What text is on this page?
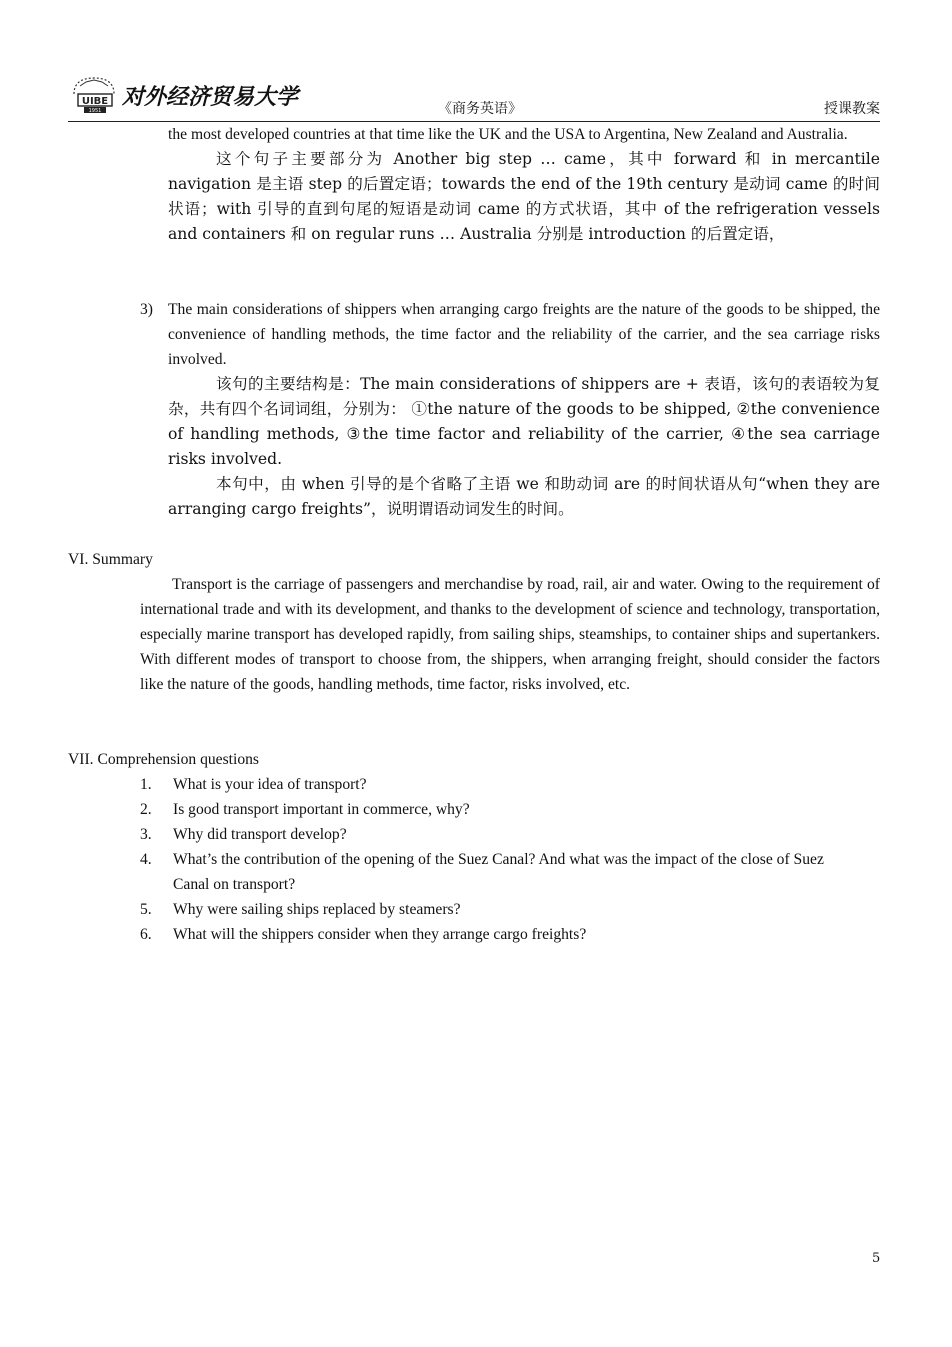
UIBE
1951
对外经济贸易大学	《商务英语》	授课教案

the most developed countries at that time like the UK and the USA to Argentina, New Zealand and Australia.

这个句子主要部分为 Another big step … came，其中 forward 和 in mercantile navigation 是主语 step 的后置定语；towards the end of the 19th century 是动词 came 的时间状语；with 引导的直到句尾的短语是动词 came 的方式状语，其中 of the refrigeration vessels and containers 和 on regular runs … Australia 分别是 introduction 的后置定语，

3) The main considerations of shippers when arranging cargo freights are the nature of the goods to be shipped, the convenience of handling methods, the time factor and the reliability of the carrier, and the sea carriage risks involved.

该句的主要结构是：The main considerations of shippers are + 表语，该句的表语较为复杂，共有四个名词词组，分别为： ①the nature of the goods to be shipped, ②the convenience of handling methods, ③the time factor and reliability of the carrier, ④the sea carriage risks involved.

本句中，由 when 引导的是个省略了主语 we 和助动词 are 的时间状语从句“when they are arranging cargo freights”，说明谓语动词发生的时间。

VI. Summary
Transport is the carriage of passengers and merchandise by road, rail, air and water. Owing to the requirement of international trade and with its development, and thanks to the development of science and technology, transportation, especially marine transport has developed rapidly, from sailing ships, steamships, to container ships and supertankers. With different modes of transport to choose from, the shippers, when arranging freight, should consider the factors like the nature of the goods, handling methods, time factor, risks involved, etc.
VII. Comprehension questions
1. What is your idea of transport?
2. Is good transport important in commerce, why?
3. Why did transport develop?
4. What’s the contribution of the opening of the Suez Canal? And what was the impact of the close of Suez Canal on transport?
5. Why were sailing ships replaced by steamers?
6. What will the shippers consider when they arrange cargo freights?
5
